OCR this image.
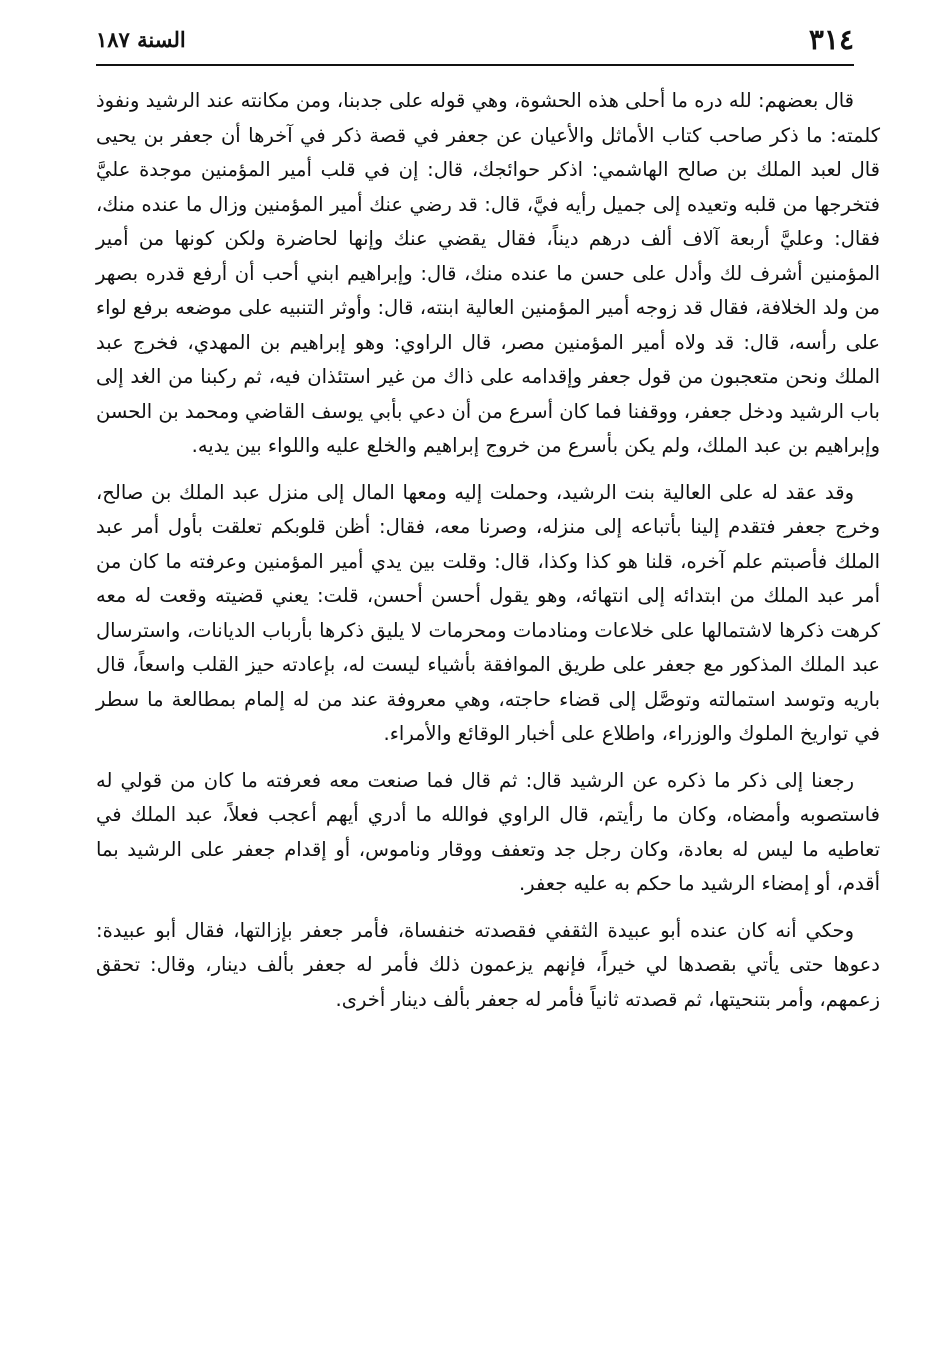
٣١٤
السنة ١٨٧

قال بعضهم: لله دره ما أحلى هذه الحشوة، وهي قوله على جدبنا، ومن مكانته عند الرشيد ونفوذ كلمته: ما ذكر صاحب كتاب الأماثل والأعيان عن جعفر في قصة ذكر في آخرها أن جعفر بن يحيى قال لعبد الملك بن صالح الهاشمي: اذكر حوائجك، قال: إن في قلب أمير المؤمنين موجدة عليَّ فتخرجها من قلبه وتعيده إلى جميل رأيه فيَّ، قال: قد رضي عنك أمير المؤمنين وزال ما عنده منك، فقال: وعليَّ أربعة آلاف ألف درهم ديناً، فقال يقضي عنك وإنها لحاضرة ولكن كونها من أمير المؤمنين أشرف لك وأدل على حسن ما عنده منك، قال: وإبراهيم ابني أحب أن أرفع قدره بصهر من ولد الخلافة، فقال قد زوجه أمير المؤمنين العالية ابنته، قال: وأوثر التنبيه على موضعه برفع لواء على رأسه، قال: قد ولاه أمير المؤمنين مصر، قال الراوي: وهو إبراهيم بن المهدي، فخرج عبد الملك ونحن متعجبون من قول جعفر وإقدامه على ذاك من غير استئذان فيه، ثم ركبنا من الغد إلى باب الرشيد ودخل جعفر، ووقفنا فما كان أسرع من أن دعي بأبي يوسف القاضي ومحمد بن الحسن وإبراهيم بن عبد الملك، ولم يكن بأسرع من خروج إبراهيم والخلع عليه واللواء بين يديه.

وقد عقد له على العالية بنت الرشيد، وحملت إليه ومعها المال إلى منزل عبد الملك بن صالح، وخرج جعفر فتقدم إلينا بأتباعه إلى منزله، وصرنا معه، فقال: أظن قلوبكم تعلقت بأول أمر عبد الملك فأصبتم علم آخره، قلنا هو كذا وكذا، قال: وقلت بين يدي أمير المؤمنين وعرفته ما كان من أمر عبد الملك من ابتدائه إلى انتهائه، وهو يقول أحسن أحسن، قلت: يعني قضيته وقعت له معه كرهت ذكرها لاشتمالها على خلاعات ومنادمات ومحرمات لا يليق ذكرها بأرباب الديانات، واسترسال عبد الملك المذكور مع جعفر على طريق الموافقة بأشياء ليست له، بإعادته حيز القلب واسعاً، قال باريه وتوسد استمالته وتوصَّل إلى قضاء حاجته، وهي معروفة عند من له إلمام بمطالعة ما سطر في تواريخ الملوك والوزراء، واطلاع على أخبار الوقائع والأمراء.

رجعنا إلى ذكر ما ذكره عن الرشيد قال: ثم قال فما صنعت معه فعرفته ما كان من قولي له فاستصوبه وأمضاه، وكان ما رأيتم، قال الراوي فوالله ما أدري أيهم أعجب فعلاً، عبد الملك في تعاطيه ما ليس له بعادة، وكان رجل جد وتعفف ووقار وناموس، أو إقدام جعفر على الرشيد بما أقدم، أو إمضاء الرشيد ما حكم به عليه جعفر.

وحكي أنه كان عنده أبو عبيدة الثقفي فقصدته خنفساة، فأمر جعفر بإزالتها، فقال أبو عبيدة: دعوها حتى يأتي بقصدها لي خيراً، فإنهم يزعمون ذلك فأمر له جعفر بألف دينار، وقال: تحقق زعمهم، وأمر بتنحيتها، ثم قصدته ثانياً فأمر له جعفر بألف دينار أخرى.
